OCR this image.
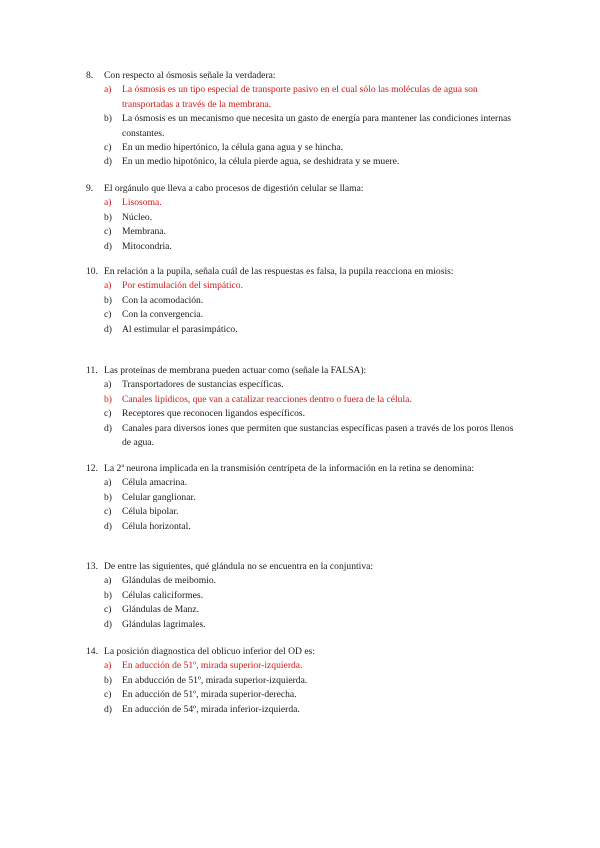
8. Con respecto al ósmosis señale la verdadera:
a) La ósmosis es un tipo especial de transporte pasivo en el cual sólo las moléculas de agua son transportadas a través de la membrana.
b) La ósmosis es un mecanismo que necesita un gasto de energía para mantener las condiciones internas constantes.
c) En un medio hipertónico, la célula gana agua y se hincha.
d) En un medio hipotónico, la célula pierde agua, se deshidrata y se muere.
9. El orgánulo que lleva a cabo procesos de digestión celular se llama:
a) Lisosoma.
b) Núcleo.
c) Membrana.
d) Mitocondria.
10. En relación a la pupila, señala cuál de las respuestas es falsa, la pupila reacciona en miosis:
a) Por estimulación del simpático.
b) Con la acomodación.
c) Con la convergencia.
d) Al estimular el parasimpático.
11. Las proteínas de membrana pueden actuar como (señale la FALSA):
a) Transportadores de sustancias específicas.
b) Canales lipídicos, que van a catalizar reacciones dentro o fuera de la célula.
c) Receptores que reconocen ligandos específicos.
d) Canales para diversos iones que permiten que sustancias específicas pasen a través de los poros llenos de agua.
12. La 2ª neurona implicada en la transmisión centrípeta de la información en la retina se denomina:
a) Célula amacrina.
b) Celular ganglionar.
c) Célula bipolar.
d) Célula horizontal.
13. De entre las siguientes, qué glándula no se encuentra en la conjuntiva:
a) Glándulas de meibomio.
b) Células caliciformes.
c) Glándulas de Manz.
d) Glándulas lagrimales.
14. La posición diagnostica del oblicuo inferior del OD es:
a) En aducción de 51º, mirada superior-izquierda.
b) En abducción de 51º, mirada superior-izquierda.
c) En aducción de 51º, mirada superior-derecha.
d) En aducción de 54º, mirada inferior-izquierda.
